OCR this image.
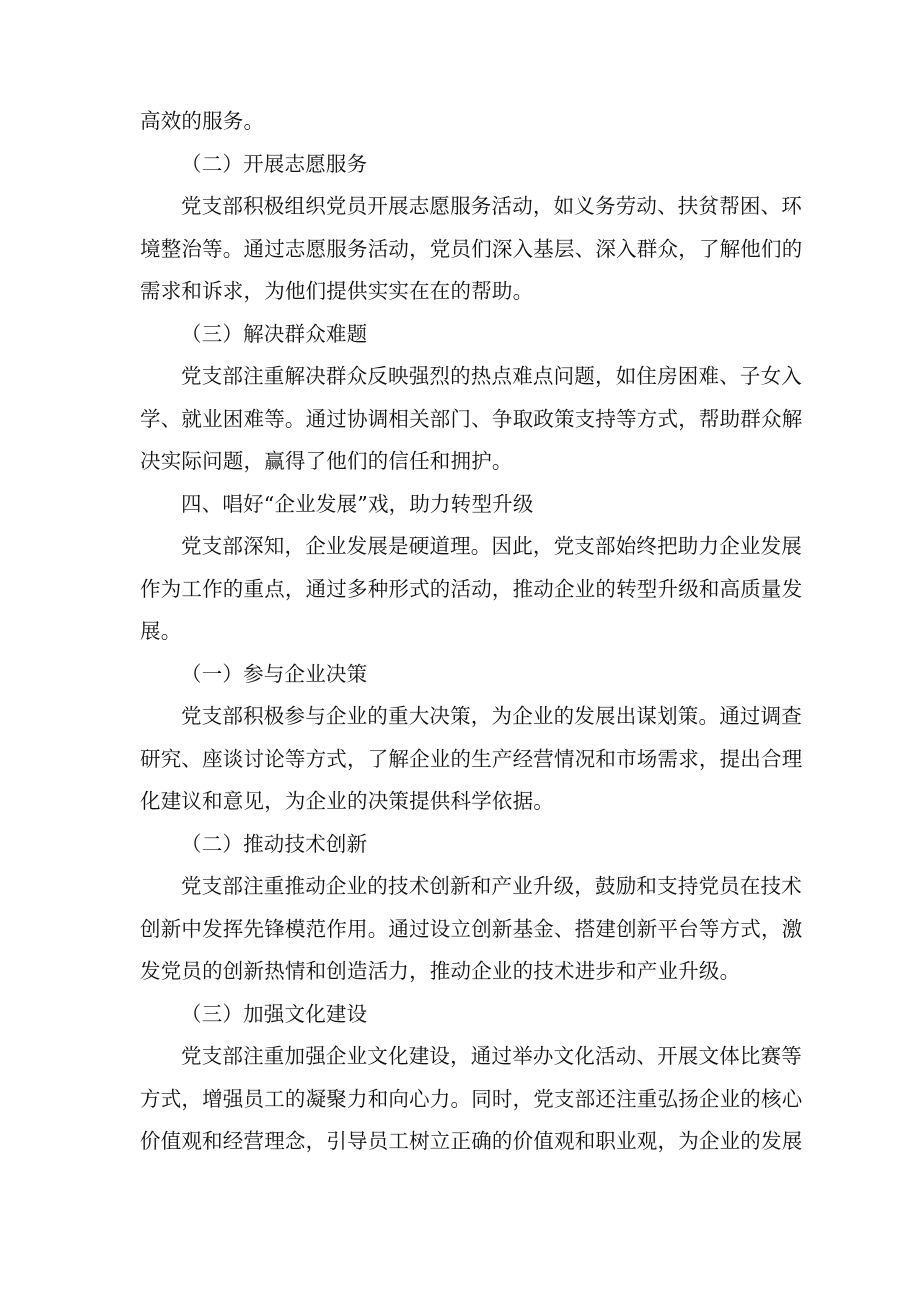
高效的服务。
（二）开展志愿服务
党支部积极组织党员开展志愿服务活动，如义务劳动、扶贫帮困、环
境整治等。通过志愿服务活动，党员们深入基层、深入群众，了解他们的
需求和诉求，为他们提供实实在在的帮助。
（三）解决群众难题
党支部注重解决群众反映强烈的热点难点问题，如住房困难、子女入
学、就业困难等。通过协调相关部门、争取政策支持等方式，帮助群众解
决实际问题，赢得了他们的信任和拥护。
四、唱好“企业发展”戏，助力转型升级
党支部深知，企业发展是硬道理。因此，党支部始终把助力企业发展
作为工作的重点，通过多种形式的活动，推动企业的转型升级和高质量发
展。
（一）参与企业决策
党支部积极参与企业的重大决策，为企业的发展出谋划策。通过调查
研究、座谈讨论等方式，了解企业的生产经营情况和市场需求，提出合理
化建议和意见，为企业的决策提供科学依据。
（二）推动技术创新
党支部注重推动企业的技术创新和产业升级，鼓励和支持党员在技术
创新中发挥先锋模范作用。通过设立创新基金、搭建创新平台等方式，激
发党员的创新热情和创造活力，推动企业的技术进步和产业升级。
（三）加强文化建设
党支部注重加强企业文化建设，通过举办文化活动、开展文体比赛等
方式，增强员工的凝聚力和向心力。同时，党支部还注重弘扬企业的核心
价值观和经营理念，引导员工树立正确的价值观和职业观，为企业的发展
